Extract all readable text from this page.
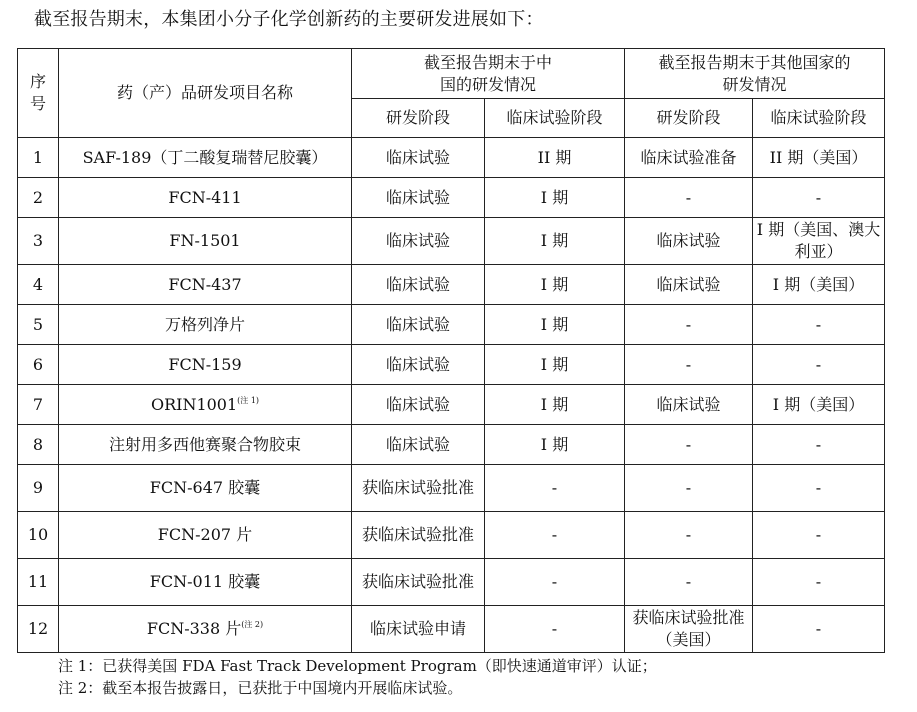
截至报告期末，本集团小分子化学创新药的主要研发进展如下：
序号	药（产）品研发项目名称	截至报告期末于中国的研发情况		截至报告期末于其他国家的研发情况	

		研发阶段	临床试验阶段	研发阶段	临床试验阶段
1	SAF-189（丁二酸复瑞替尼胶囊）	临床试验	II 期	临床试验准备	II 期（美国）
2	FCN-411	临床试验	I 期	-	-
3	FN-1501	临床试验	I 期	临床试验	I 期（美国、澳大利亚）
4	FCN-437	临床试验	I 期	临床试验	I 期（美国）
5	万格列净片	临床试验	I 期	-	-
6	FCN-159	临床试验	I 期	-	-
7	ORIN1001$^{(注 1)}$	临床试验	I 期	临床试验	I 期（美国）
8	注射用多西他赛聚合物胶束	临床试验	I 期	-	-
9	FCN-647 胶囊	获临床试验批准	-	-	-
10	FCN-207 片	获临床试验批准	-	-	-
11	FCN-011 胶囊	获临床试验批准	-	-	-
12	FCN-338 片$^{(注 2)}$	临床试验申请	-	获临床试验批准（美国）	-
注 1：已获得美国 FDA Fast Track Development Program（即快速通道审评）认证；
注 2：截至本报告披露日，已获批于中国境内开展临床试验。
